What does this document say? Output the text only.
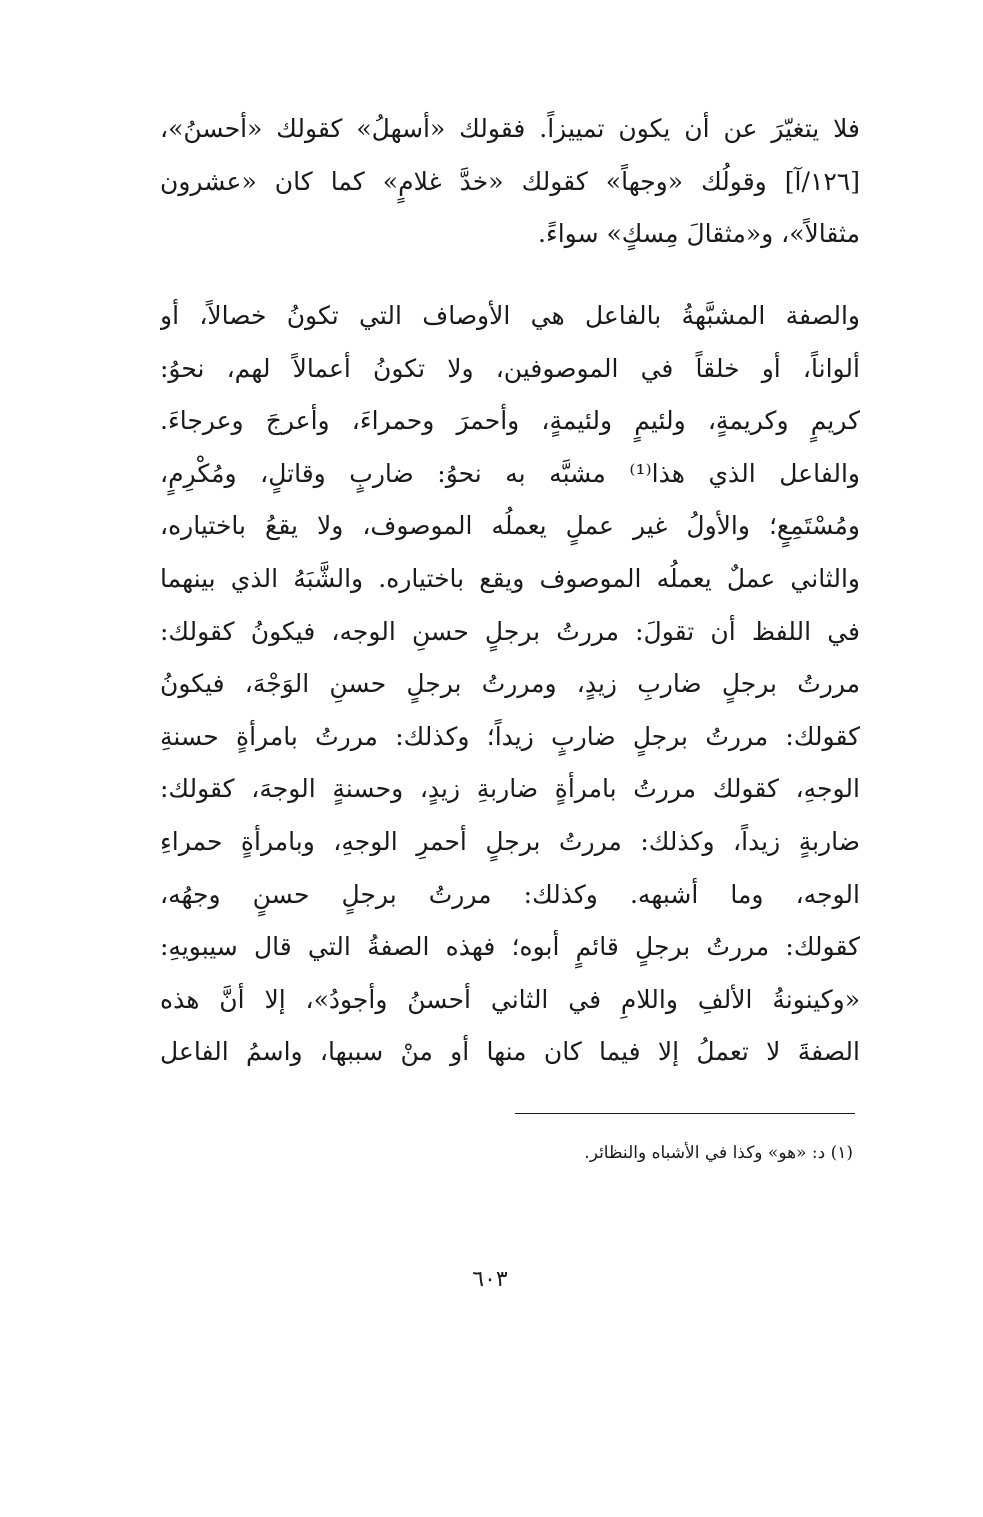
فلا يتغيّرَ عن أن يكون تمييزاً. فقولك «أسهلُ» كقولك «أحسنُ»،
[١٢٦/آ] وقولُك «وجهاً» كقولك «خدَّ غلامٍ» كما كان «عشرون
مثقالاً»، و«مثقالَ مِسكٍ» سواءً.
والصفة المشبَّهةُ بالفاعل هي الأوصاف التي تكونُ خصالاً، أو
ألواناً، أو خلقاً في الموصوفين، ولا تكونُ أعمالاً لهم، نحوُ:
كريمٍ وكريمةٍ، ولئيمٍ ولئيمةٍ، وأحمرَ وحمراءَ، وأعرجَ وعرجاءَ.
والفاعل الذي هذا⁽¹⁾ مشبَّه به نحوُ: ضاربٍ وقاتلٍ، ومُكْرِمٍ،
ومُسْتَمِعٍ؛ والأولُ غير عملٍ يعملُه الموصوف، ولا يقعُ باختياره،
والثاني عملٌ يعملُه الموصوف ويقع باختياره. والشَّبَهُ الذي بينهما
في اللفظ أن تقولَ: مررتُ برجلٍ حسنِ الوجه، فيكونُ كقولك:
مررتُ برجلٍ ضاربِ زيدٍ، ومررتُ برجلٍ حسنِ الوَجْهَ، فيكونُ
كقولك: مررتُ برجلٍ ضاربٍ زيداً؛ وكذلك: مررتُ بامرأةٍ حسنةِ
الوجهِ، كقولك مررتُ بامرأةٍ ضاربةِ زيدٍ، وحسنةٍ الوجهَ، كقولك:
ضاربةٍ زيداً، وكذلك: مررتُ برجلٍ أحمرِ الوجهِ، وبامرأةٍ حمراءِ
الوجه، وما أشبهه. وكذلك: مررتُ برجلٍ حسنٍ وجهُه،
كقولك: مررتُ برجلٍ قائمٍ أبوه؛ فهذه الصفةُ التي قال سيبويهِ:
«وكينونةُ الألفِ واللامِ في الثاني أحسنُ وأجودُ»، إلا أنَّ هذه
الصفةَ لا تعملُ إلا فيما كان منها أو منْ سببها، واسمُ الفاعل
(١) د: «هو» وكذا في الأشباه والنظائر.
٦٠٣
